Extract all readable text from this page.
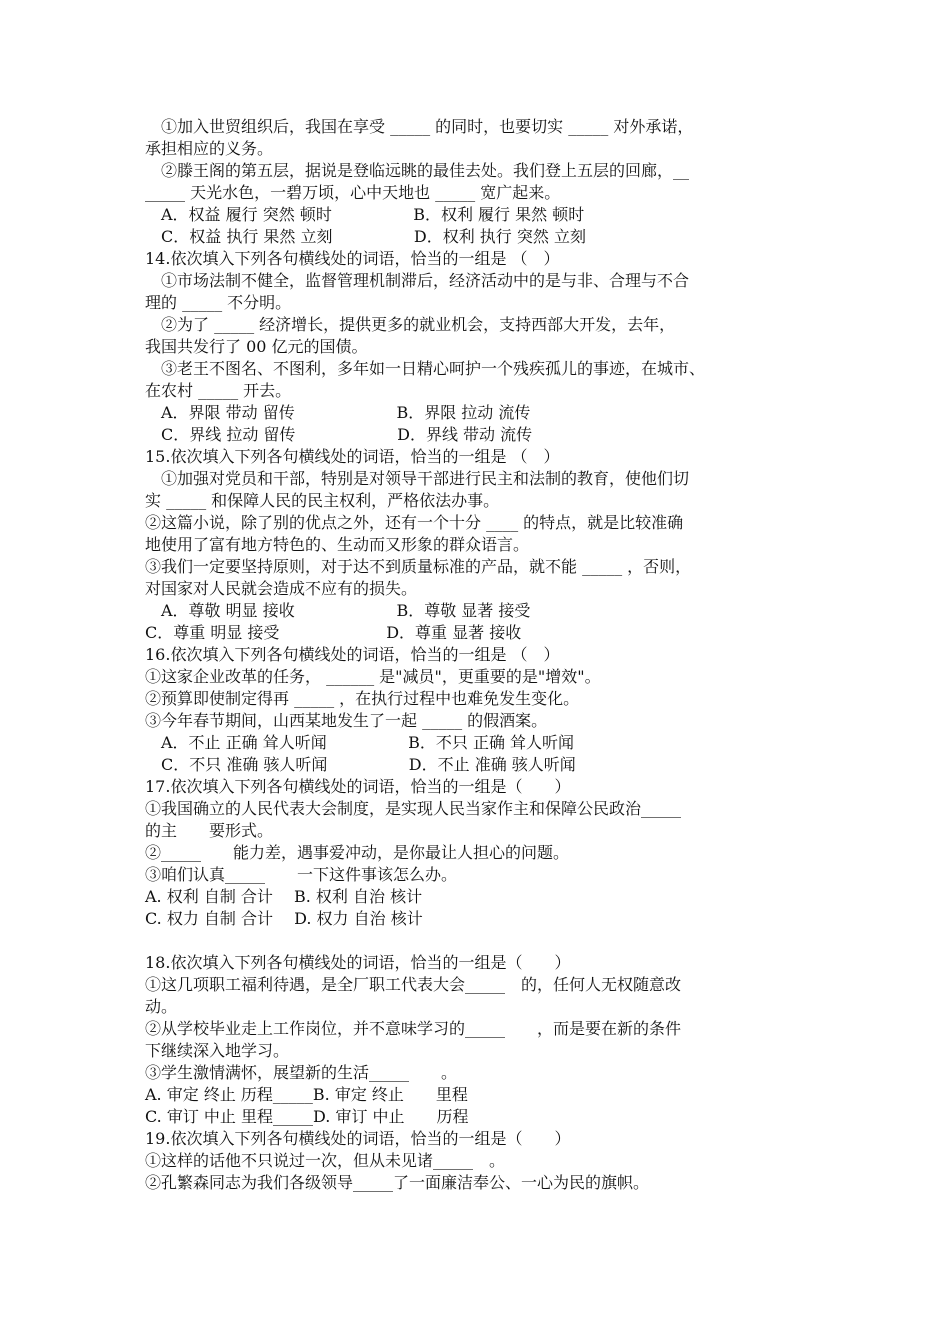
　①加入世贸组织后，我国在享受 _____ 的同时，也要切实 _____ 对外承诺，
承担相应的义务。
　②滕王阁的第五层，据说是登临远眺的最佳去处。我们登上五层的回廊，__
_____ 天光水色，一碧万顷，心中天地也 _____ 宽广起来。
　A．权益 履行 突然 顿时                B．权利 履行 果然 顿时
　C．权益 执行 果然 立刻                D．权利 执行 突然 立刻
14.依次填入下列各句横线处的词语，恰当的一组是 （　）
　①市场法制不健全，监督管理机制滞后，经济活动中的是与非、合理与不合
理的 _____ 不分明。
　②为了 _____ 经济增长，提供更多的就业机会，支持西部大开发，去年，
我国共发行了 00 亿元的国债。
　③老王不图名、不图利，多年如一日精心呵护一个残疾孤儿的事迹，在城市、
在农村 _____ 开去。
　A．界限 带动 留传                    B．界限 拉动 流传
　C．界线 拉动 留传                    D．界线 带动 流传
15.依次填入下列各句横线处的词语，恰当的一组是 （　）
　①加强对党员和干部，特别是对领导干部进行民主和法制的教育，使他们切
实 _____ 和保障人民的民主权利，严格依法办事。
②这篇小说，除了别的优点之外，还有一个十分 ____ 的特点，就是比较准确
地使用了富有地方特色的、生动而又形象的群众语言。
③我们一定要坚持原则，对于达不到质量标准的产品，就不能 _____ ，否则，
对国家对人民就会造成不应有的损失。
　A．尊敬 明显 接收                    B．尊敬 显著 接受
C．尊重 明显 接受                     D．尊重 显著 接收
16.依次填入下列各句横线处的词语，恰当的一组是 （　）
①这家企业改革的任务， ______ 是"减员"，更重要的是"增效"。
②预算即使制定得再 _____ ，在执行过程中也难免发生变化。
③今年春节期间，山西某地发生了一起 _____ 的假酒案。
　A．不止 正确 耸人听闻                B．不只 正确 耸人听闻
　C．不只 准确 骇人听闻                D．不止 准确 骇人听闻
17.依次填入下列各句横线处的词语，恰当的一组是（　　）
①我国确立的人民代表大会制度，是实现人民当家作主和保障公民政治_____
的主　　要形式。
②_____　　能力差，遇事爱冲动，是你最让人担心的问题。
③咱们认真_____　　一下这件事该怎么办。
A. 权利 自制 合计　 B. 权利 自治 核计
C. 权力 自制 合计　 D. 权力 自治 核计
18.依次填入下列各句横线处的词语，恰当的一组是（　　）
①这几项职工福利待遇，是全厂职工代表大会_____　的，任何人无权随意改
动。
②从学校毕业走上工作岗位，并不意味学习的_____　　，而是要在新的条件
下继续深入地学习。
③学生激情满怀，展望新的生活_____　　。
A. 审定 终止 历程_____B. 审定 终止　　里程
C. 审订 中止 里程_____D. 审订 中止　　历程
19.依次填入下列各句横线处的词语，恰当的一组是（　　）
①这样的话他不只说过一次，但从未见诸_____　。
②孔繁森同志为我们各级领导_____了一面廉洁奉公、一心为民的旗帜。
